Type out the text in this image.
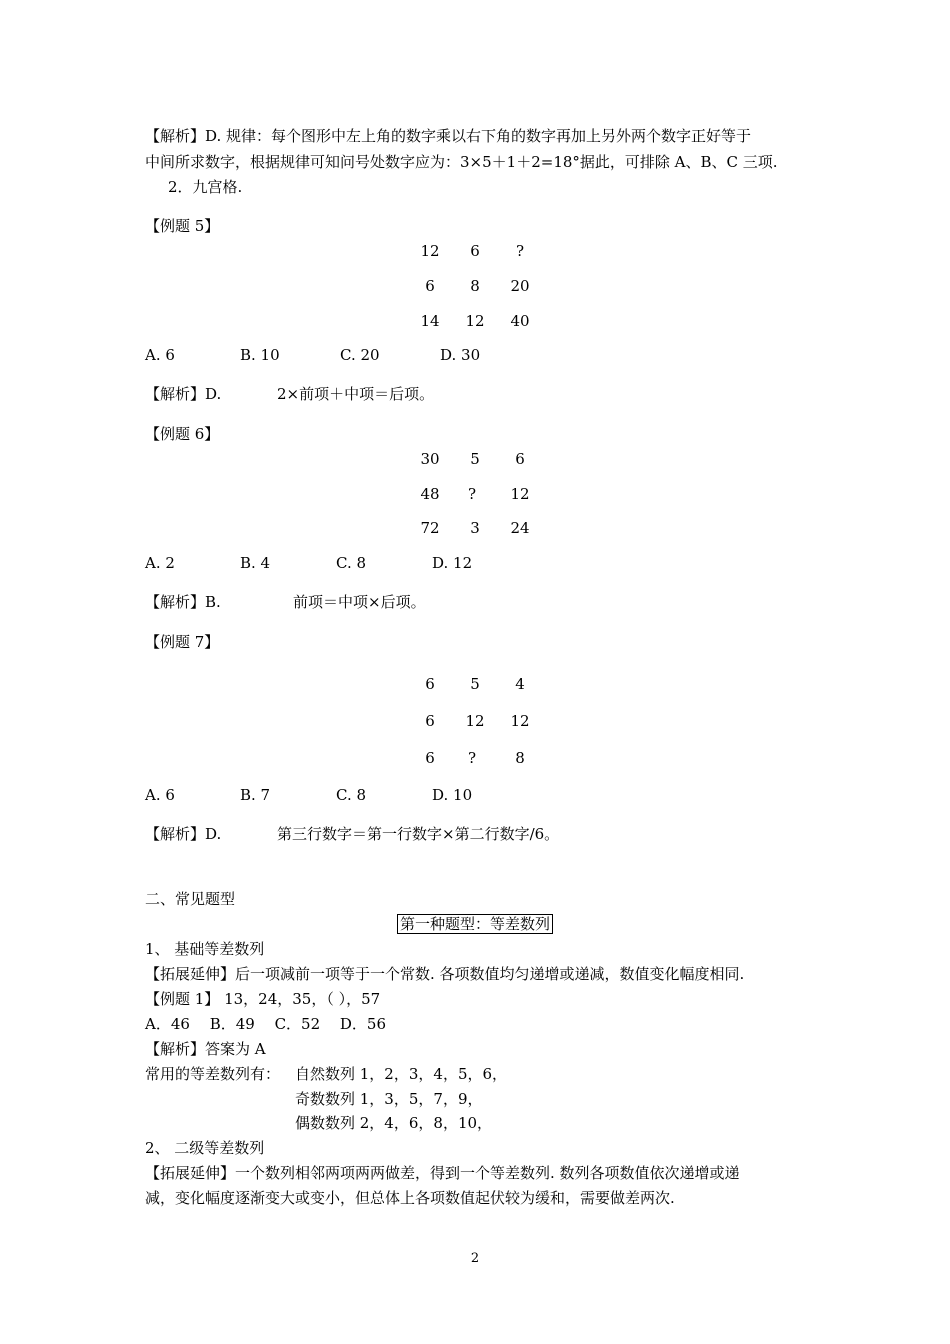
【解析】D. 规律：每个图形中左上角的数字乘以右下角的数字再加上另外两个数字正好等于
中间所求数字，根据规律可知问号处数字应为：3×5＋1＋2=18°据此，可排除 A、B、C 三项.
2．九宫格.
【例题 5】
12	6	?
6	8	20
14	12	40
A. 6	B. 10	C. 20	D. 30
【解析】D.	2×前项＋中项＝后项。
【例题 6】
30	5	6
48	?	12
72	3	24
A. 2	B. 4	C. 8	D. 12
【解析】B.	前项＝中项×后项。
【例题 7】
6	5	4
6	12	12
6	?	8
A. 6	B. 7	C. 8	D. 10
【解析】D.	第三行数字＝第一行数字×第二行数字/6。
二、常见题型
第一种题型：等差数列
1、 基础等差数列
【拓展延伸】后一项减前一项等于一个常数. 各项数值均匀递增或递减，数值变化幅度相同.
【例题 1】 13，24，35，（ ），57
A．46　 B．49　 C．52　 D．56
【解析】答案为 A
常用的等差数列有： 自然数列 1，2，3，4，5，6，
奇数数列 1，3，5，7，9，
偶数数列 2，4，6，8，10，
2、 二级等差数列
【拓展延伸】一个数列相邻两项两两做差，得到一个等差数列. 数列各项数值依次递增或递
减，变化幅度逐渐变大或变小，但总体上各项数值起伏较为缓和，需要做差两次.
2
